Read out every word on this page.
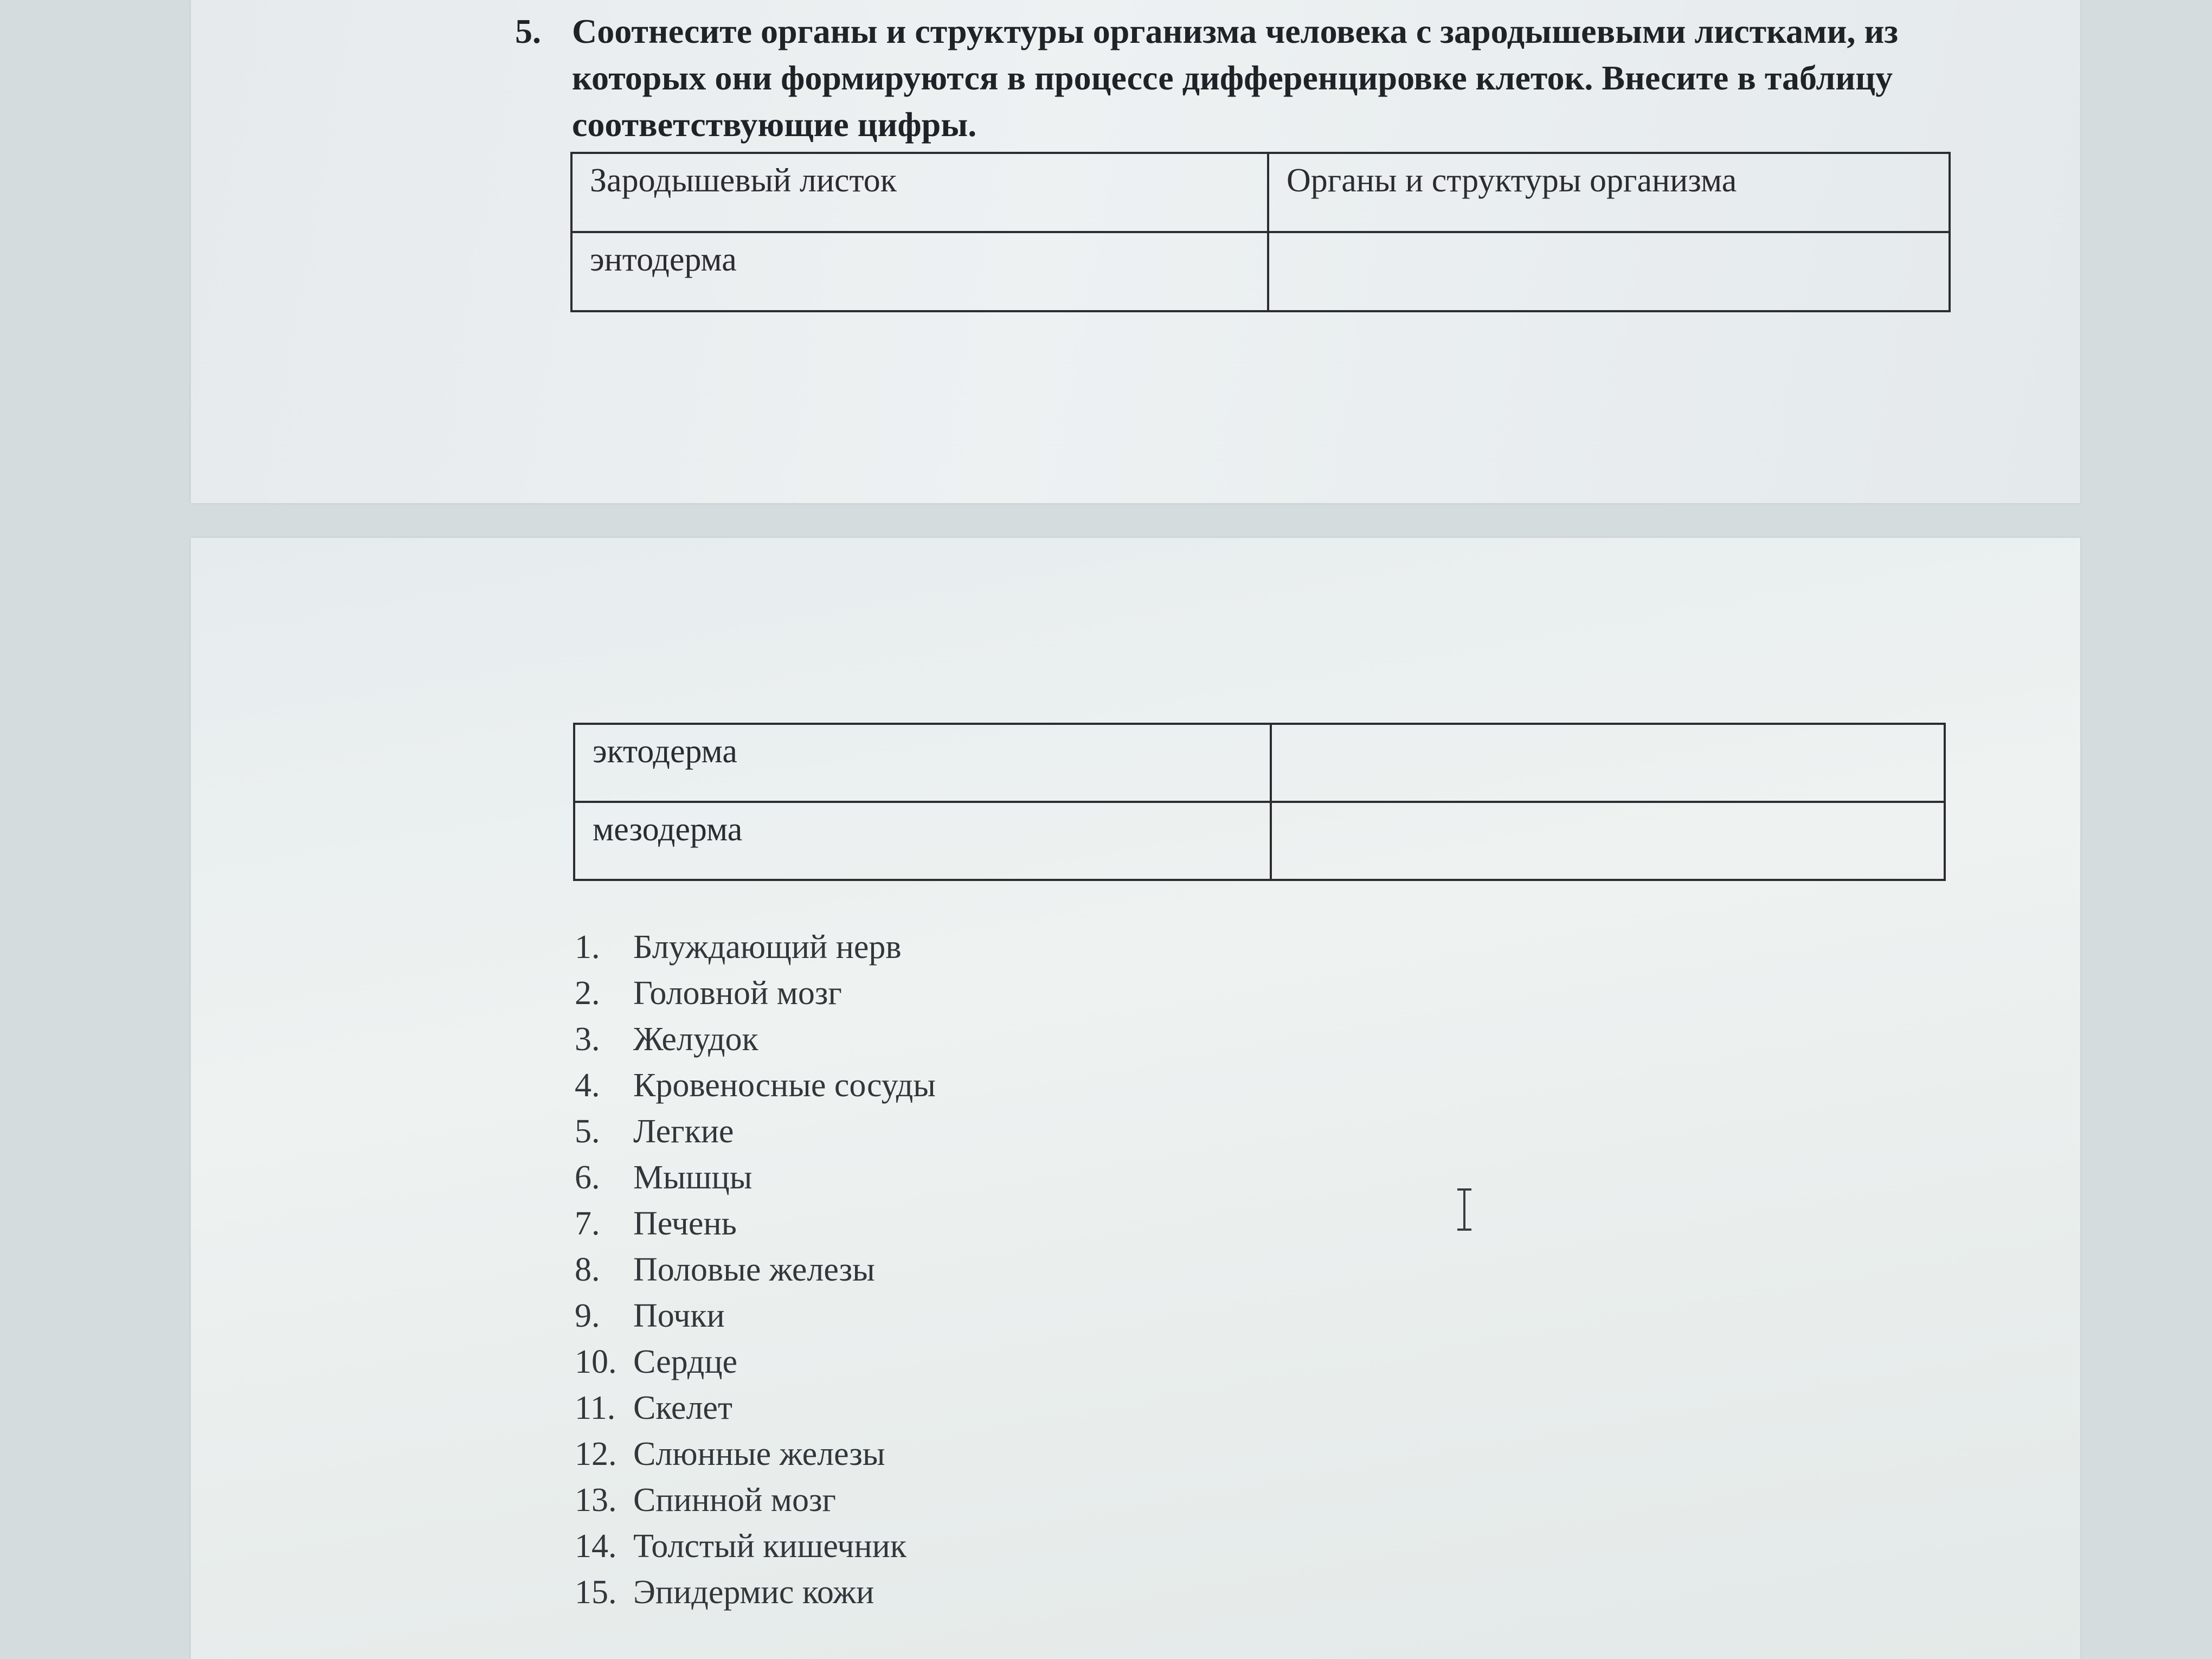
5. Соотнесите органы и структуры организма человека с зародышевыми листками, из которых они формируются в процессе дифференцировке клеток. Внесите в таблицу соответствующие цифры.
Зародышевый листок	Органы и структуры организма
энтодерма	
эктодерма	
мезодерма	
1. Блуждающий нерв
2. Головной мозг
3. Желудок
4. Кровеносные сосуды
5. Легкие
6. Мышцы
7. Печень
8. Половые железы
9. Почки
10. Сердце
11. Скелет
12. Слюнные железы
13. Спинной мозг
14. Толстый кишечник
15. Эпидермис кожи
